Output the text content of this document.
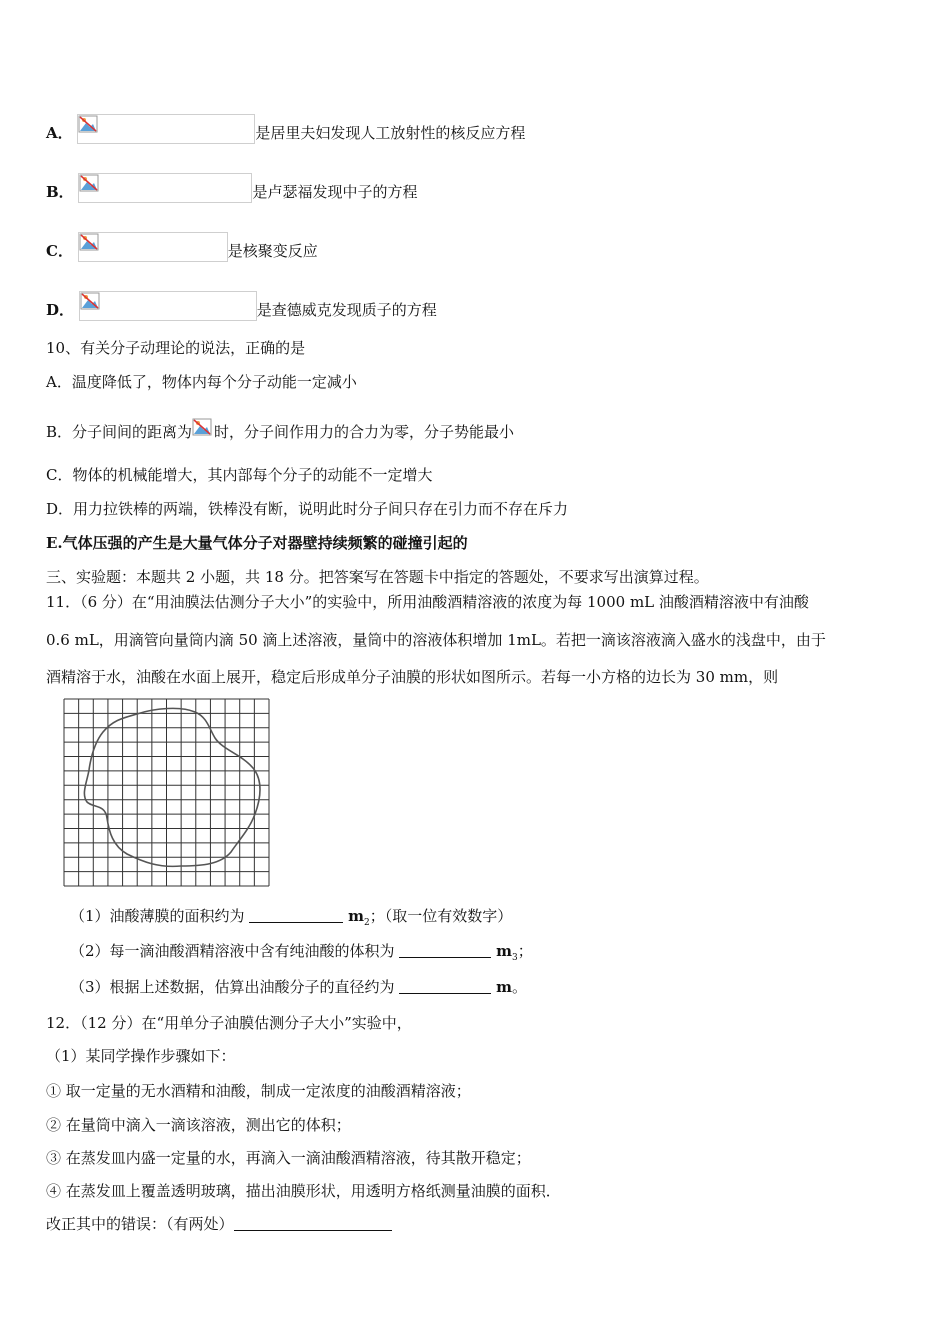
A．	是居里夫妇发现人工放射性的核反应方程
B．	是卢瑟福发现中子的方程
C．	是核聚变反应
D．	是查德威克发现质子的方程
10、有关分子动理论的说法，正确的是
A．温度降低了，物体内每个分子动能一定减小
B．分子间间的距离为 时，分子间作用力的合力为零，分子势能最小
C．物体的机械能增大，其内部每个分子的动能不一定增大
D．用力拉铁棒的两端，铁棒没有断，说明此时分子间只存在引力而不存在斥力
E.气体压强的产生是大量气体分子对器壁持续频繁的碰撞引起的
三、实验题：本题共 2 小题，共 18 分。把答案写在答题卡中指定的答题处，不要求写出演算过程。
11．（6 分）在“用油膜法估测分子大小”的实验中，所用油酸酒精溶液的浓度为每 1000 mL 油酸酒精溶液中有油酸
0.6 mL，用滴管向量筒内滴 50 滴上述溶液，量筒中的溶液体积增加 1mL。若把一滴该溶液滴入盛水的浅盘中，由于
酒精溶于水，油酸在水面上展开，稳定后形成单分子油膜的形状如图所示。若每一小方格的边长为 30 mm，则
（1）油酸薄膜的面积约为	$m_2$；（取一位有效数字）
（2）每一滴油酸酒精溶液中含有纯油酸的体积为	$m_3$；
（3）根据上述数据，估算出油酸分子的直径约为	m。
12．（12 分）在“用单分子油膜估测分子大小”实验中，
（1）某同学操作步骤如下：
① 取一定量的无水酒精和油酸，制成一定浓度的油酸酒精溶液；
② 在量筒中滴入一滴该溶液，测出它的体积；
③ 在蒸发皿内盛一定量的水，再滴入一滴油酸酒精溶液，待其散开稳定；
④ 在蒸发皿上覆盖透明玻璃，描出油膜形状，用透明方格纸测量油膜的面积．
改正其中的错误：（有两处）
